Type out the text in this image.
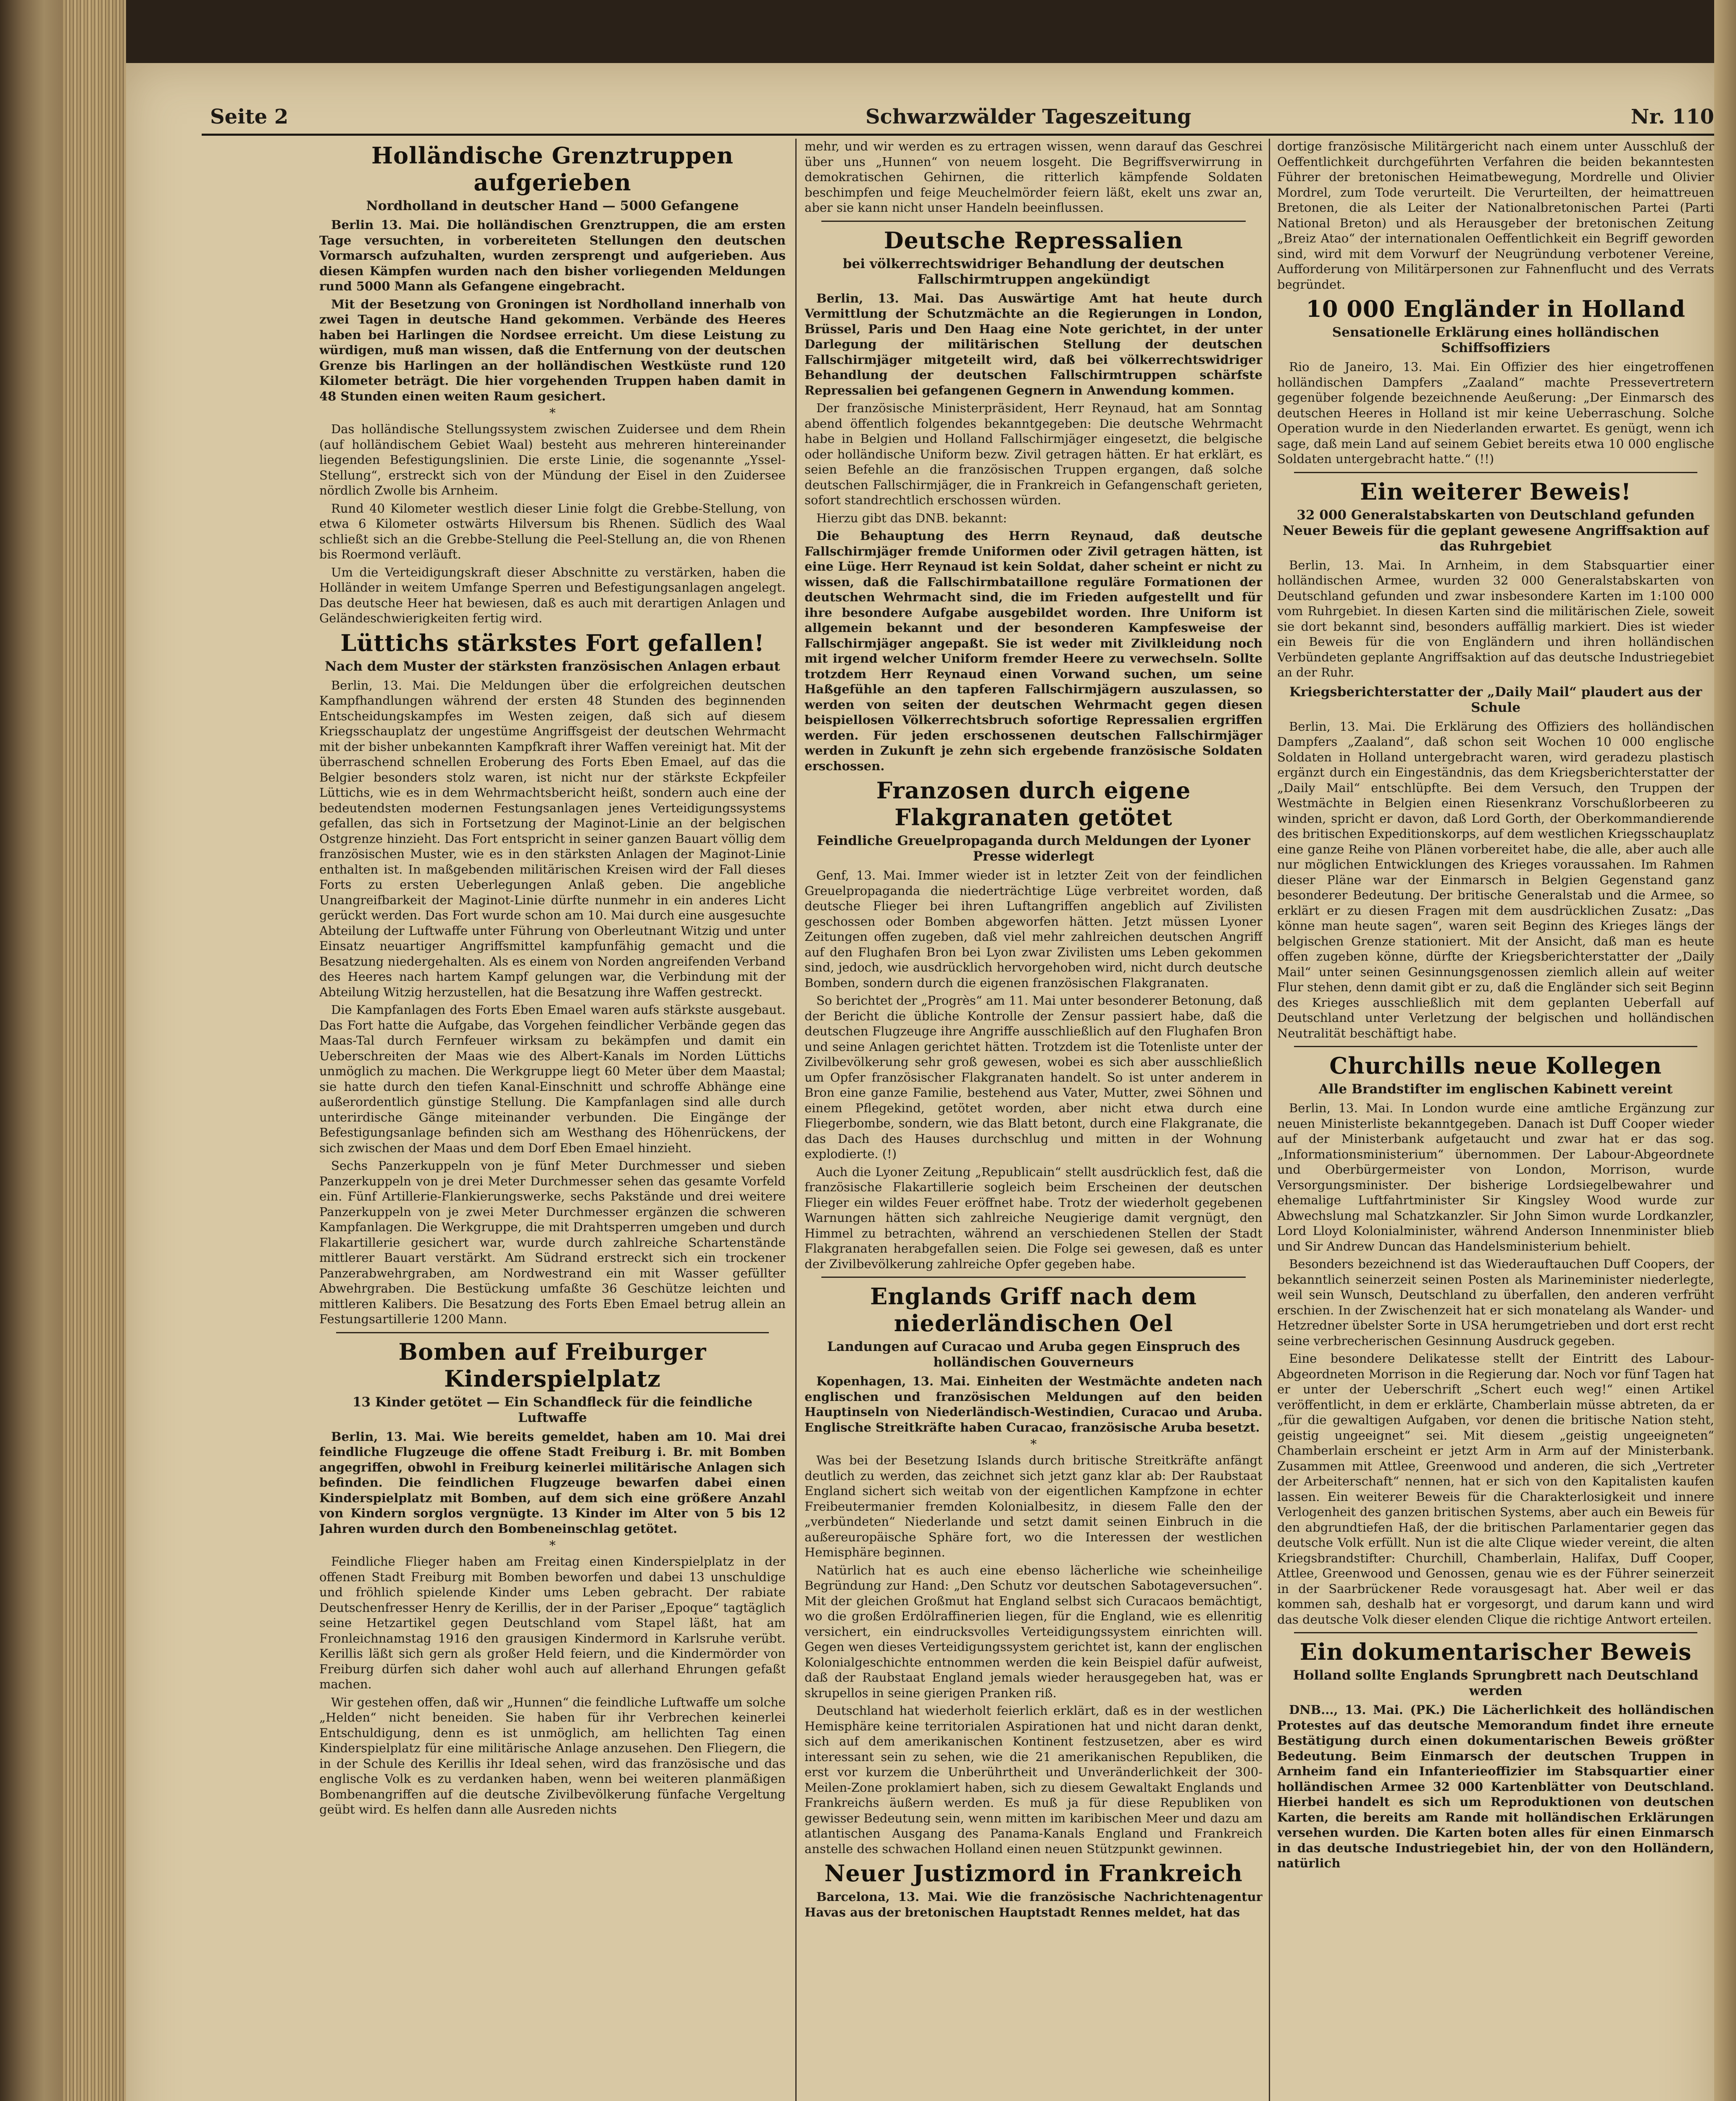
Seite 2	Schwarzwälder Tageszeitung	Nr. 110
Holländische Grenztruppen aufgerieben
Nordholland in deutscher Hand — 5000 Gefangene

Berlin 13. Mai. Die holländischen Grenztruppen, die am ersten Tage versuchten, in vorbereiteten Stellungen den deutschen Vormarsch aufzuhalten, wurden zersprengt und aufgerieben. Aus diesen Kämpfen wurden nach den bisher vorliegenden Meldungen rund 5000 Mann als Gefangene eingebracht.

Mit der Besetzung von Groningen ist Nordholland innerhalb von zwei Tagen in deutsche Hand gekommen. Verbände des Heeres haben bei Harlingen die Nordsee erreicht. Um diese Leistung zu würdigen, muß man wissen, daß die Entfernung von der deutschen Grenze bis Harlingen an der holländischen Westküste rund 120 Kilometer beträgt. Die hier vorgehenden Truppen haben damit in 48 Stunden einen weiten Raum gesichert.

*

Das holländische Stellungssystem zwischen Zuidersee und dem Rhein (auf holländischem Gebiet Waal) besteht aus mehreren hintereinander liegenden Befestigungslinien. Die erste Linie, die sogenannte „Yssel-Stellung“, erstreckt sich von der Mündung der Eisel in den Zuidersee nördlich Zwolle bis Arnheim.

Rund 40 Kilometer westlich dieser Linie folgt die Grebbe-Stellung, von etwa 6 Kilometer ostwärts Hilversum bis Rhenen. Südlich des Waal schließt sich an die Grebbe-Stellung die Peel-Stellung an, die von Rhenen bis Roermond verläuft.

Um die Verteidigungskraft dieser Abschnitte zu verstärken, haben die Holländer in weitem Umfange Sperren und Befestigungsanlagen angelegt. Das deutsche Heer hat bewiesen, daß es auch mit derartigen Anlagen und Geländeschwierigkeiten fertig wird.

Lüttichs stärkstes Fort gefallen!
Nach dem Muster der stärksten französischen Anlagen erbaut

Berlin, 13. Mai. Die Meldungen über die erfolgreichen deutschen Kampfhandlungen während der ersten 48 Stunden des beginnenden Entscheidungskampfes im Westen zeigen, daß sich auf diesem Kriegsschauplatz der ungestüme Angriffsgeist der deutschen Wehrmacht mit der bisher unbekannten Kampfkraft ihrer Waffen vereinigt hat. Mit der überraschend schnellen Eroberung des Forts Eben Emael, auf das die Belgier besonders stolz waren, ist nicht nur der stärkste Eckpfeiler Lüttichs, wie es in dem Wehrmachtsbericht heißt, sondern auch eine der bedeutendsten modernen Festungsanlagen jenes Verteidigungssystems gefallen, das sich in Fortsetzung der Maginot-Linie an der belgischen Ostgrenze hinzieht. Das Fort entspricht in seiner ganzen Bauart völlig dem französischen Muster, wie es in den stärksten Anlagen der Maginot-Linie enthalten ist. In maßgebenden militärischen Kreisen wird der Fall dieses Forts zu ersten Ueberlegungen Anlaß geben. Die angebliche Unangreifbarkeit der Maginot-Linie dürfte nunmehr in ein anderes Licht gerückt werden. Das Fort wurde schon am 10. Mai durch eine ausgesuchte Abteilung der Luftwaffe unter Führung von Oberleutnant Witzig und unter Einsatz neuartiger Angriffsmittel kampfunfähig gemacht und die Besatzung niedergehalten. Als es einem von Norden angreifenden Verband des Heeres nach hartem Kampf gelungen war, die Verbindung mit der Abteilung Witzig herzustellen, hat die Besatzung ihre Waffen gestreckt.

Die Kampfanlagen des Forts Eben Emael waren aufs stärkste ausgebaut. Das Fort hatte die Aufgabe, das Vorgehen feindlicher Verbände gegen das Maas-Tal durch Fernfeuer wirksam zu bekämpfen und damit ein Ueberschreiten der Maas wie des Albert-Kanals im Norden Lüttichs unmöglich zu machen. Die Werkgruppe liegt 60 Meter über dem Maastal; sie hatte durch den tiefen Kanal-Einschnitt und schroffe Abhänge eine außerordentlich günstige Stellung. Die Kampfanlagen sind alle durch unterirdische Gänge miteinander verbunden. Die Eingänge der Befestigungsanlage befinden sich am Westhang des Höhenrückens, der sich zwischen der Maas und dem Dorf Eben Emael hinzieht.

Sechs Panzerkuppeln von je fünf Meter Durchmesser und sieben Panzerkuppeln von je drei Meter Durchmesser sehen das gesamte Vorfeld ein. Fünf Artillerie-Flankierungswerke, sechs Pakstände und drei weitere Panzerkuppeln von je zwei Meter Durchmesser ergänzen die schweren Kampfanlagen. Die Werkgruppe, die mit Drahtsperren umgeben und durch Flakartillerie gesichert war, wurde durch zahlreiche Schartenstände mittlerer Bauart verstärkt. Am Südrand erstreckt sich ein trockener Panzerabwehrgraben, am Nordwestrand ein mit Wasser gefüllter Abwehrgraben. Die Bestückung umfaßte 36 Geschütze leichten und mittleren Kalibers. Die Besatzung des Forts Eben Emael betrug allein an Festungsartillerie 1200 Mann.

Bomben auf Freiburger Kinderspielplatz
13 Kinder getötet — Ein Schandfleck für die feindliche Luftwaffe

Berlin, 13. Mai. Wie bereits gemeldet, haben am 10. Mai drei feindliche Flugzeuge die offene Stadt Freiburg i. Br. mit Bomben angegriffen, obwohl in Freiburg keinerlei militärische Anlagen sich befinden. Die feindlichen Flugzeuge bewarfen dabei einen Kinderspielplatz mit Bomben, auf dem sich eine größere Anzahl von Kindern sorglos vergnügte. 13 Kinder im Alter von 5 bis 12 Jahren wurden durch den Bombeneinschlag getötet.

*

Feindliche Flieger haben am Freitag einen Kinderspielplatz in der offenen Stadt Freiburg mit Bomben beworfen und dabei 13 unschuldige und fröhlich spielende Kinder ums Leben gebracht. Der rabiate Deutschenfresser Henry de Kerillis, der in der Pariser „Epoque“ tagtäglich seine Hetzartikel gegen Deutschland vom Stapel läßt, hat am Fronleichnamstag 1916 den grausigen Kindermord in Karlsruhe verübt. Kerillis läßt sich gern als großer Held feiern, und die Kindermörder von Freiburg dürfen sich daher wohl auch auf allerhand Ehrungen gefaßt machen.

Wir gestehen offen, daß wir „Hunnen“ die feindliche Luftwaffe um solche „Helden“ nicht beneiden. Sie haben für ihr Verbrechen keinerlei Entschuldigung, denn es ist unmöglich, am hellichten Tag einen Kinderspielplatz für eine militärische Anlage anzusehen. Den Fliegern, die in der Schule des Kerillis ihr Ideal sehen, wird das französische und das englische Volk es zu verdanken haben, wenn bei weiteren planmäßigen Bombenangriffen auf die deutsche Zivilbevölkerung fünfache Vergeltung geübt wird. Es helfen dann alle Ausreden nichts

mehr, und wir werden es zu ertragen wissen, wenn darauf das Geschrei über uns „Hunnen“ von neuem losgeht. Die Begriffsverwirrung in demokratischen Gehirnen, die ritterlich kämpfende Soldaten beschimpfen und feige Meuchelmörder feiern läßt, ekelt uns zwar an, aber sie kann nicht unser Handeln beeinflussen.

Deutsche Repressalien
bei völkerrechtswidriger Behandlung der deutschen Fallschirmtruppen angekündigt

Berlin, 13. Mai. Das Auswärtige Amt hat heute durch Vermittlung der Schutzmächte an die Regierungen in London, Brüssel, Paris und Den Haag eine Note gerichtet, in der unter Darlegung der militärischen Stellung der deutschen Fallschirmjäger mitgeteilt wird, daß bei völkerrechtswidriger Behandlung der deutschen Fallschirmtruppen schärfste Repressalien bei gefangenen Gegnern in Anwendung kommen.

Der französische Ministerpräsident, Herr Reynaud, hat am Sonntag abend öffentlich folgendes bekanntgegeben: Die deutsche Wehrmacht habe in Belgien und Holland Fallschirmjäger eingesetzt, die belgische oder holländische Uniform bezw. Zivil getragen hätten. Er hat erklärt, es seien Befehle an die französischen Truppen ergangen, daß solche deutschen Fallschirmjäger, die in Frankreich in Gefangenschaft gerieten, sofort standrechtlich erschossen würden.

Hierzu gibt das DNB. bekannt:

Die Behauptung des Herrn Reynaud, daß deutsche Fallschirmjäger fremde Uniformen oder Zivil getragen hätten, ist eine Lüge. Herr Reynaud ist kein Soldat, daher scheint er nicht zu wissen, daß die Fallschirmbataillone reguläre Formationen der deutschen Wehrmacht sind, die im Frieden aufgestellt und für ihre besondere Aufgabe ausgebildet worden. Ihre Uniform ist allgemein bekannt und der besonderen Kampfesweise der Fallschirmjäger angepaßt. Sie ist weder mit Zivilkleidung noch mit irgend welcher Uniform fremder Heere zu verwechseln. Sollte trotzdem Herr Reynaud einen Vorwand suchen, um seine Haßgefühle an den tapferen Fallschirmjägern auszulassen, so werden von seiten der deutschen Wehrmacht gegen diesen beispiellosen Völkerrechtsbruch sofortige Repressalien ergriffen werden. Für jeden erschossenen deutschen Fallschirmjäger werden in Zukunft je zehn sich ergebende französische Soldaten erschossen.

Franzosen durch eigene Flakgranaten getötet
Feindliche Greuelpropaganda durch Meldungen der Lyoner Presse widerlegt

Genf, 13. Mai. Immer wieder ist in letzter Zeit von der feindlichen Greuelpropaganda die niederträchtige Lüge verbreitet worden, daß deutsche Flieger bei ihren Luftangriffen angeblich auf Zivilisten geschossen oder Bomben abgeworfen hätten. Jetzt müssen Lyoner Zeitungen offen zugeben, daß viel mehr zahlreichen deutschen Angriff auf den Flughafen Bron bei Lyon zwar Zivilisten ums Leben gekommen sind, jedoch, wie ausdrücklich hervorgehoben wird, nicht durch deutsche Bomben, sondern durch die eigenen französischen Flakgranaten.

So berichtet der „Progrès“ am 11. Mai unter besonderer Betonung, daß der Bericht die übliche Kontrolle der Zensur passiert habe, daß die deutschen Flugzeuge ihre Angriffe ausschließlich auf den Flughafen Bron und seine Anlagen gerichtet hätten. Trotzdem ist die Totenliste unter der Zivilbevölkerung sehr groß gewesen, wobei es sich aber ausschließlich um Opfer französischer Flakgranaten handelt. So ist unter anderem in Bron eine ganze Familie, bestehend aus Vater, Mutter, zwei Söhnen und einem Pflegekind, getötet worden, aber nicht etwa durch eine Fliegerbombe, sondern, wie das Blatt betont, durch eine Flakgranate, die das Dach des Hauses durchschlug und mitten in der Wohnung explodierte. (!)

Auch die Lyoner Zeitung „Republicain“ stellt ausdrücklich fest, daß die französische Flakartillerie sogleich beim Erscheinen der deutschen Flieger ein wildes Feuer eröffnet habe. Trotz der wiederholt gegebenen Warnungen hätten sich zahlreiche Neugierige damit vergnügt, den Himmel zu betrachten, während an verschiedenen Stellen der Stadt Flakgranaten herabgefallen seien. Die Folge sei gewesen, daß es unter der Zivilbevölkerung zahlreiche Opfer gegeben habe.

Englands Griff nach dem niederländischen Oel
Landungen auf Curacao und Aruba gegen Einspruch des holländischen Gouverneurs

Kopenhagen, 13. Mai. Einheiten der Westmächte andeten nach englischen und französischen Meldungen auf den beiden Hauptinseln von Niederländisch-Westindien, Curacao und Aruba. Englische Streitkräfte haben Curacao, französische Aruba besetzt.

*

Was bei der Besetzung Islands durch britische Streitkräfte anfängt deutlich zu werden, das zeichnet sich jetzt ganz klar ab: Der Raubstaat England sichert sich weitab von der eigentlichen Kampfzone in echter Freibeutermanier fremden Kolonialbesitz, in diesem Falle den der „verbündeten“ Niederlande und setzt damit seinen Einbruch in die außereuropäische Sphäre fort, wo die Interessen der westlichen Hemisphäre beginnen.

Natürlich hat es auch eine ebenso lächerliche wie scheinheilige Begründung zur Hand: „Den Schutz vor deutschen Sabotageversuchen“. Mit der gleichen Großmut hat England selbst sich Curacaos bemächtigt, wo die großen Erdölraffinerien liegen, für die England, wie es ellenritig versichert, ein eindrucksvolles Verteidigungssystem einrichten will. Gegen wen dieses Verteidigungssystem gerichtet ist, kann der englischen Kolonialgeschichte entnommen werden die kein Beispiel dafür aufweist, daß der Raubstaat England jemals wieder herausgegeben hat, was er skrupellos in seine gierigen Pranken riß.

Deutschland hat wiederholt feierlich erklärt, daß es in der westlichen Hemisphäre keine territorialen Aspirationen hat und nicht daran denkt, sich auf dem amerikanischen Kontinent festzusetzen, aber es wird interessant sein zu sehen, wie die 21 amerikanischen Republiken, die erst vor kurzem die Unberührtheit und Unveränderlichkeit der 300-Meilen-Zone proklamiert haben, sich zu diesem Gewaltakt Englands und Frankreichs äußern werden. Es muß ja für diese Republiken von gewisser Bedeutung sein, wenn mitten im karibischen Meer und dazu am atlantischen Ausgang des Panama-Kanals England und Frankreich anstelle des schwachen Holland einen neuen Stützpunkt gewinnen.

Neuer Justizmord in Frankreich

Barcelona, 13. Mai. Wie die französische Nachrichtenagentur Havas aus der bretonischen Hauptstadt Rennes meldet, hat das

dortige französische Militärgericht nach einem unter Ausschluß der Oeffentlichkeit durchgeführten Verfahren die beiden bekanntesten Führer der bretonischen Heimatbewegung, Mordrelle und Olivier Mordrel, zum Tode verurteilt. Die Verurteilten, der heimattreuen Bretonen, die als Leiter der Nationalbretonischen Partei (Parti National Breton) und als Herausgeber der bretonischen Zeitung „Breiz Atao“ der internationalen Oeffentlichkeit ein Begriff geworden sind, wird mit dem Vorwurf der Neugründung verbotener Vereine, Aufforderung von Militärpersonen zur Fahnenflucht und des Verrats begründet.

10 000 Engländer in Holland
Sensationelle Erklärung eines holländischen Schiffsoffiziers

Rio de Janeiro, 13. Mai. Ein Offizier des hier eingetroffenen holländischen Dampfers „Zaaland“ machte Pressevertretern gegenüber folgende bezeichnende Aeußerung: „Der Einmarsch des deutschen Heeres in Holland ist mir keine Ueberraschung. Solche Operation wurde in den Niederlanden erwartet. Es genügt, wenn ich sage, daß mein Land auf seinem Gebiet bereits etwa 10 000 englische Soldaten untergebracht hatte.“ (!!)

Ein weiterer Beweis!
32 000 Generalstabskarten von Deutschland gefunden Neuer Beweis für die geplant gewesene Angriffsaktion auf das Ruhrgebiet

Berlin, 13. Mai. In Arnheim, in dem Stabsquartier einer holländischen Armee, wurden 32 000 Generalstabskarten von Deutschland gefunden und zwar insbesondere Karten im 1:100 000 vom Ruhrgebiet. In diesen Karten sind die militärischen Ziele, soweit sie dort bekannt sind, besonders auffällig markiert. Dies ist wieder ein Beweis für die von Engländern und ihren holländischen Verbündeten geplante Angriffsaktion auf das deutsche Industriegebiet an der Ruhr.

Kriegsberichterstatter der „Daily Mail“ plaudert aus der Schule

Berlin, 13. Mai. Die Erklärung des Offiziers des holländischen Dampfers „Zaaland“, daß schon seit Wochen 10 000 englische Soldaten in Holland untergebracht waren, wird geradezu plastisch ergänzt durch ein Eingeständnis, das dem Kriegsberichterstatter der „Daily Mail“ entschlüpfte. Bei dem Versuch, den Truppen der Westmächte in Belgien einen Riesenkranz Vorschußlorbeeren zu winden, spricht er davon, daß Lord Gorth, der Oberkommandierende des britischen Expeditionskorps, auf dem westlichen Kriegsschauplatz eine ganze Reihe von Plänen vorbereitet habe, die alle, aber auch alle nur möglichen Entwicklungen des Krieges voraussahen. Im Rahmen dieser Pläne war der Einmarsch in Belgien Gegenstand ganz besonderer Bedeutung. Der britische Generalstab und die Armee, so erklärt er zu diesen Fragen mit dem ausdrücklichen Zusatz: „Das könne man heute sagen“, waren seit Beginn des Krieges längs der belgischen Grenze stationiert. Mit der Ansicht, daß man es heute offen zugeben könne, dürfte der Kriegsberichterstatter der „Daily Mail“ unter seinen Gesinnungsgenossen ziemlich allein auf weiter Flur stehen, denn damit gibt er zu, daß die Engländer sich seit Beginn des Krieges ausschließlich mit dem geplanten Ueberfall auf Deutschland unter Verletzung der belgischen und holländischen Neutralität beschäftigt habe.

Churchills neue Kollegen
Alle Brandstifter im englischen Kabinett vereint

Berlin, 13. Mai. In London wurde eine amtliche Ergänzung zur neuen Ministerliste bekanntgegeben. Danach ist Duff Cooper wieder auf der Ministerbank aufgetaucht und zwar hat er das sog. „Informationsministerium“ übernommen. Der Labour-Abgeordnete und Oberbürgermeister von London, Morrison, wurde Versorgungsminister. Der bisherige Lordsiegelbewahrer und ehemalige Luftfahrtminister Sir Kingsley Wood wurde zur Abwechslung mal Schatzkanzler. Sir John Simon wurde Lordkanzler, Lord Lloyd Kolonialminister, während Anderson Innenminister blieb und Sir Andrew Duncan das Handelsministerium behielt.

Besonders bezeichnend ist das Wiederauftauchen Duff Coopers, der bekanntlich seinerzeit seinen Posten als Marineminister niederlegte, weil sein Wunsch, Deutschland zu überfallen, den anderen verfrüht erschien. In der Zwischenzeit hat er sich monatelang als Wander- und Hetzredner übelster Sorte in USA herumgetrieben und dort erst recht seine verbrecherischen Gesinnung Ausdruck gegeben.

Eine besondere Delikatesse stellt der Eintritt des Labour-Abgeordneten Morrison in die Regierung dar. Noch vor fünf Tagen hat er unter der Ueberschrift „Schert euch weg!“ einen Artikel veröffentlicht, in dem er erklärte, Chamberlain müsse abtreten, da er „für die gewaltigen Aufgaben, vor denen die britische Nation steht, geistig ungeeignet“ sei. Mit diesem „geistig ungeeigneten“ Chamberlain erscheint er jetzt Arm in Arm auf der Ministerbank. Zusammen mit Attlee, Greenwood und anderen, die sich „Vertreter der Arbeiterschaft“ nennen, hat er sich von den Kapitalisten kaufen lassen. Ein weiterer Beweis für die Charakterlosigkeit und innere Verlogenheit des ganzen britischen Systems, aber auch ein Beweis für den abgrundtiefen Haß, der die britischen Parlamentarier gegen das deutsche Volk erfüllt. Nun ist die alte Clique wieder vereint, die alten Kriegsbrandstifter: Churchill, Chamberlain, Halifax, Duff Cooper, Attlee, Greenwood und Genossen, genau wie es der Führer seinerzeit in der Saarbrückener Rede vorausgesagt hat. Aber weil er das kommen sah, deshalb hat er vorgesorgt, und darum kann und wird das deutsche Volk dieser elenden Clique die richtige Antwort erteilen.

Ein dokumentarischer Beweis
Holland sollte Englands Sprungbrett nach Deutschland werden

DNB..., 13. Mai. (PK.) Die Lächerlichkeit des holländischen Protestes auf das deutsche Memorandum findet ihre erneute Bestätigung durch einen dokumentarischen Beweis größter Bedeutung. Beim Einmarsch der deutschen Truppen in Arnheim fand ein Infanterieoffizier im Stabsquartier einer holländischen Armee 32 000 Kartenblätter von Deutschland. Hierbei handelt es sich um Reproduktionen von deutschen Karten, die bereits am Rande mit holländischen Erklärungen versehen wurden. Die Karten boten alles für einen Einmarsch in das deutsche Industriegebiet hin, der von den Holländern, natürlich
